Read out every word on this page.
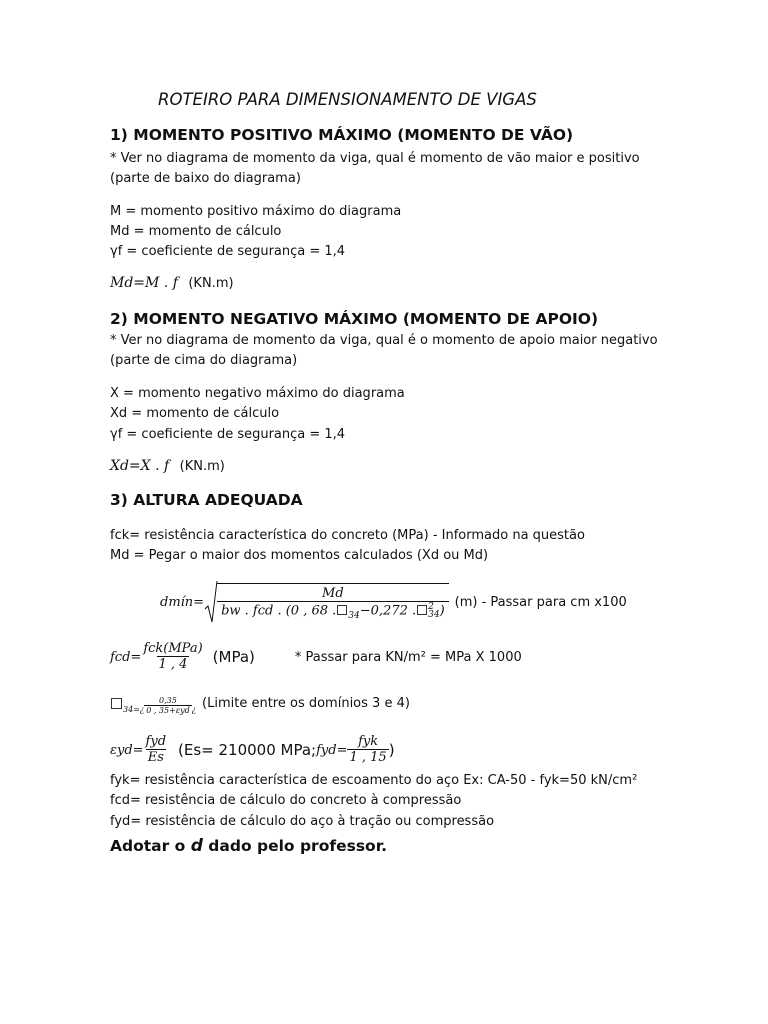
ROTEIRO PARA DIMENSIONAMENTO DE VIGAS
1) MOMENTO POSITIVO MÁXIMO (MOMENTO DE VÃO)
* Ver no diagrama de momento da viga, qual é momento de vão maior e positivo
(parte de baixo do diagrama)
M = momento positivo máximo do diagrama
Md = momento de cálculo
γf = coeficiente de segurança = 1,4
Md=M . f (KN.m)
2) MOMENTO NEGATIVO MÁXIMO (MOMENTO DE APOIO)
* Ver no diagrama de momento da viga, qual é o momento de apoio maior negativo
(parte de cima do diagrama)
X = momento negativo máximo do diagrama
Xd = momento de cálculo
γf = coeficiente de segurança = 1,4
Xd=X . f (KN.m)
3) ALTURA ADEQUADA
fck= resistência característica do concreto (MPa) - Informado na questão
Md = Pegar o maior dos momentos calculados (Xd ou Md)
dmín=
Md
bw . fcd . (0 , 68 . $_{34}$−0,272 . 2
34 )
(m) - Passar para cm x100
$fcd= \frac{\text{fck(MPa)}}{1 , 4} (MPa)$	* Passar para KN/m² = MPa X 1000
34 =¿ $\frac{0,35}{\text{0 , 35+εyd}}$ ¿ (Limite entre os domínios 3 e 4)
$\varepsilon yd= \frac{\text{fyd}}{Es} (Es= 210000$ MPa; $fyd= \frac{\text{fyk}}{1 , 15}$ )
fyk= resistência característica de escoamento do aço Ex: CA-50 - fyk=50 kN/cm²
fcd= resistência de cálculo do concreto à compressão
fyd= resistência de cálculo do aço à tração ou compressão
Adotar o d dado pelo professor.
